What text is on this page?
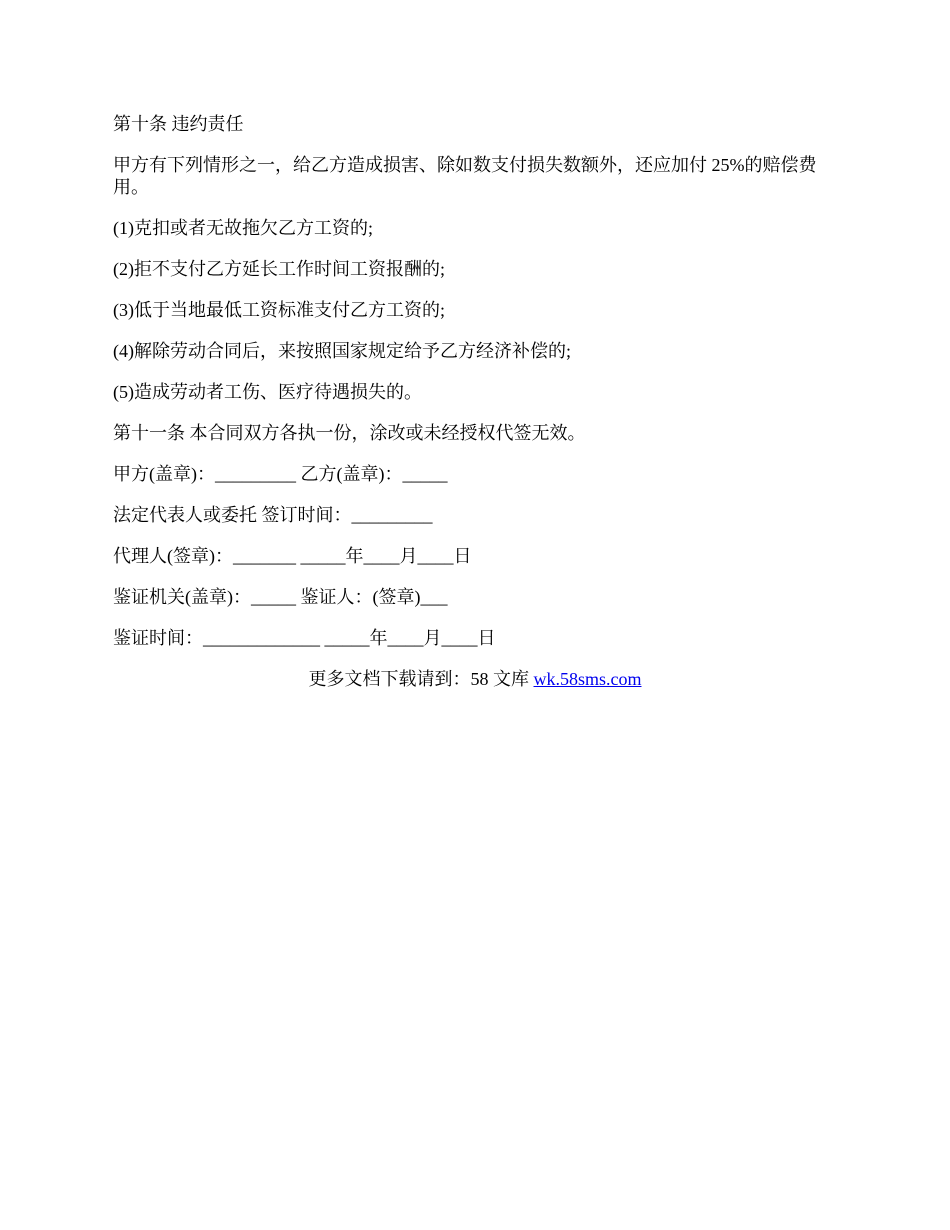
第十条 违约责任

甲方有下列情形之一，给乙方造成损害、除如数支付损失数额外，还应加付 25%的赔偿费用。

(1)克扣或者无故拖欠乙方工资的;

(2)拒不支付乙方延长工作时间工资报酬的;

(3)低于当地最低工资标准支付乙方工资的;

(4)解除劳动合同后，来按照国家规定给予乙方经济补偿的;

(5)造成劳动者工伤、医疗待遇损失的。

第十一条 本合同双方各执一份，涂改或未经授权代签无效。

甲方(盖章)：_________ 乙方(盖章)：_____

法定代表人或委托 签订时间：_________

代理人(签章)：_______ _____年____月____日

鉴证机关(盖章)：_____ 鉴证人：(签章)___

鉴证时间：_____________ _____年____月____日

更多文档下载请到：58 文库 wk.58sms.com
